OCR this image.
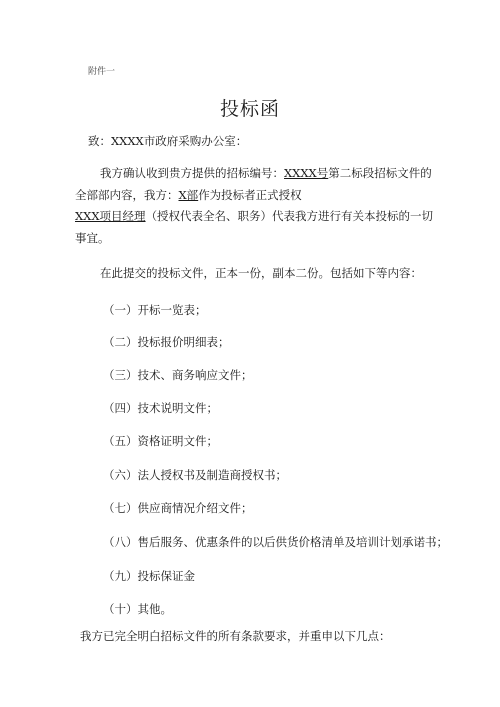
附件一
投标函
致：XXXX市政府采购办公室：
我方确认收到贵方提供的招标编号：XXXX号第二标段招标文件的全部部内容，我方：X部作为投标者正式授权
XXX项目经理（授权代表全名、职务）代表我方进行有关本投标的一切事宜。
在此提交的投标文件，正本一份，副本二份。包括如下等内容：
（一）开标一览表；
（二）投标报价明细表；
（三）技术、商务响应文件；
（四）技术说明文件；
（五）资格证明文件；
（六）法人授权书及制造商授权书；
（七）供应商情况介绍文件；
（八）售后服务、优惠条件的以后供货价格清单及培训计划承诺书；
（九）投标保证金
（十）其他。
我方已完全明白招标文件的所有条款要求，并重申以下几点：
